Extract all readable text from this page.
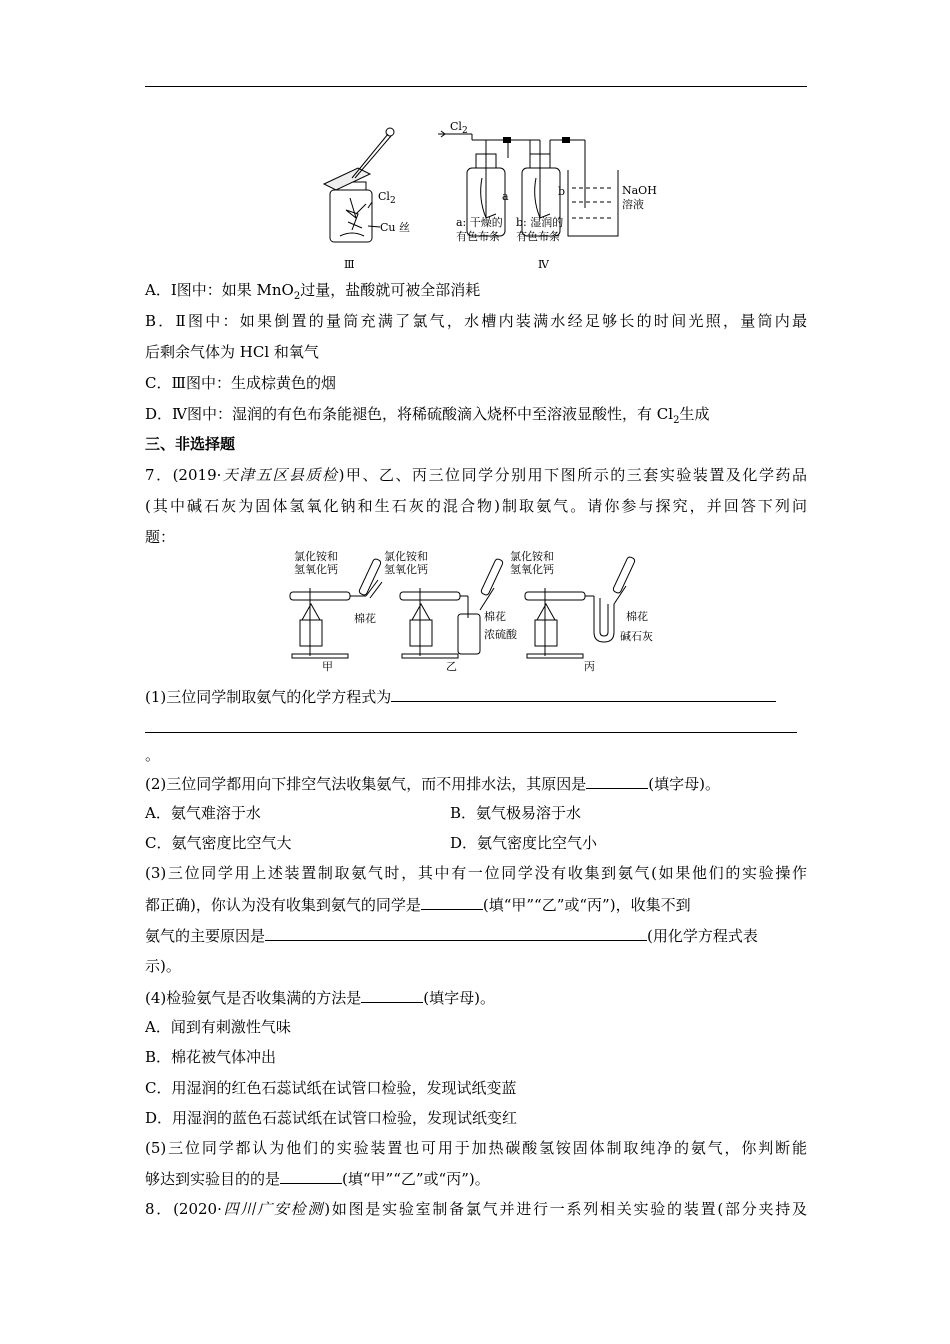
$Cl_2$
Cu 丝
Ⅲ
$Cl_2$
a	b	NaOH
溶液
a: 干燥的
有色布条
b: 湿润的
有色布条
Ⅳ
A．Ⅰ图中：如果 MnO$_2$过量，盐酸就可被全部消耗
B．Ⅱ图中：如果倒置的量筒充满了氯气，水槽内装满水经足够长的时间光照，量筒内最
后剩余气体为 HCl 和氧气
C．Ⅲ图中：生成棕黄色的烟
D．Ⅳ图中：湿润的有色布条能褪色，将稀硫酸滴入烧杯中至溶液显酸性，有 $Cl_2$生成
三、非选择题
7．(2019·天津五区县质检)甲、乙、丙三位同学分别用下图所示的三套实验装置及化学药品
(其中碱石灰为固体氢氧化钠和生石灰的混合物)制取氨气。请你参与探究，并回答下列问
题：
氯化铵和
氢氧化钙
棉花
甲
氯化铵和
氢氧化钙
棉花
浓硫酸
乙
氯化铵和
氢氧化钙
棉花
碱石灰
丙
(1)三位同学制取氨气的化学方程式为
。
(2)三位同学都用向下排空气法收集氨气，而不用排水法，其原因是	(填字母)。
A．氨气难溶于水	B．氨气极易溶于水
C．氨气密度比空气大	D．氨气密度比空气小
(3)三位同学用上述装置制取氨气时，其中有一位同学没有收集到氨气(如果他们的实验操作
都正确)，你认为没有收集到氨气的同学是	(填“甲”“乙”或“丙”)，收集不到
氨气的主要原因是	(用化学方程式表
示)。
(4)检验氨气是否收集满的方法是	(填字母)。
A．闻到有刺激性气味
B．棉花被气体冲出
C．用湿润的红色石蕊试纸在试管口检验，发现试纸变蓝
D．用湿润的蓝色石蕊试纸在试管口检验，发现试纸变红
(5)三位同学都认为他们的实验装置也可用于加热碳酸氢铵固体制取纯净的氨气，你判断能
够达到实验目的的是	(填“甲”“乙”或“丙”)。
8．(2020·四川广安检测)如图是实验室制备氯气并进行一系列相关实验的装置(部分夹持及
